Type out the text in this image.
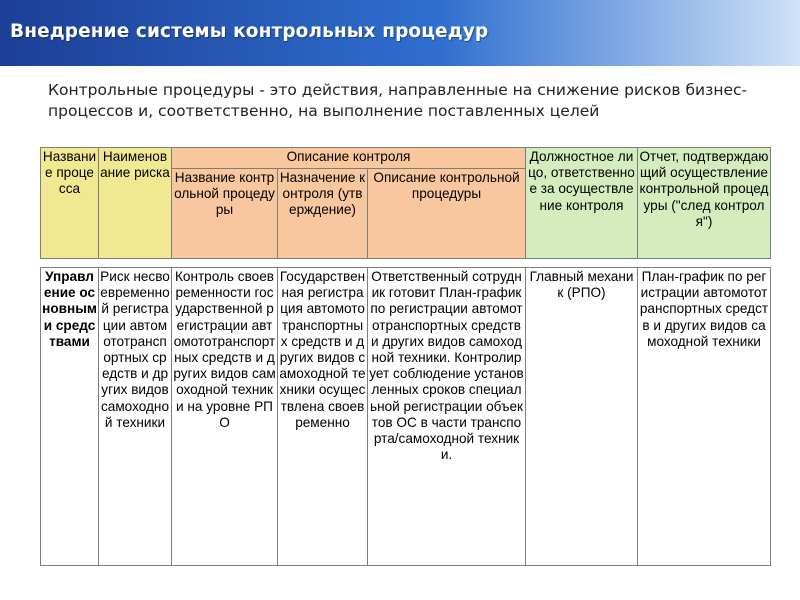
Внедрение системы контрольных процедур
Контрольные процедуры - это действия, направленные на снижение рисков бизнес-процессов и, соответственно, на выполнение поставленных целей
Название процесса	Наименование риска	Описание контроля			Должностное лицо, ответственное за осуществление контроля	Отчет, подтверждающий осуществление контрольной процедуры ("след контроля")
		Название контрольной процедуры	Назначение контроля (утверждение)	Описание контрольной процедуры		
Управление основными средствами	Риск несвоевременной регистрации автомототранспортных средств и других видов самоходной техники	Контроль своевременности государственной регистрации автомототранспортных средств и других видов самоходной техники на уровне РПО	Государственная регистрация автомототранспортных средств и других видов самоходной техники осуществлена своевременно	Ответственный сотрудник готовит План-график по регистрации автомототранспортных средств и других видов самоходной техники. Контролирует соблюдение установленных сроков специальной регистрации объектов ОС в части транспорта/самоходной техники.	Главный механик (РПО)	План-график по регистрации автомототранспортных средств и других видов самоходной техники
